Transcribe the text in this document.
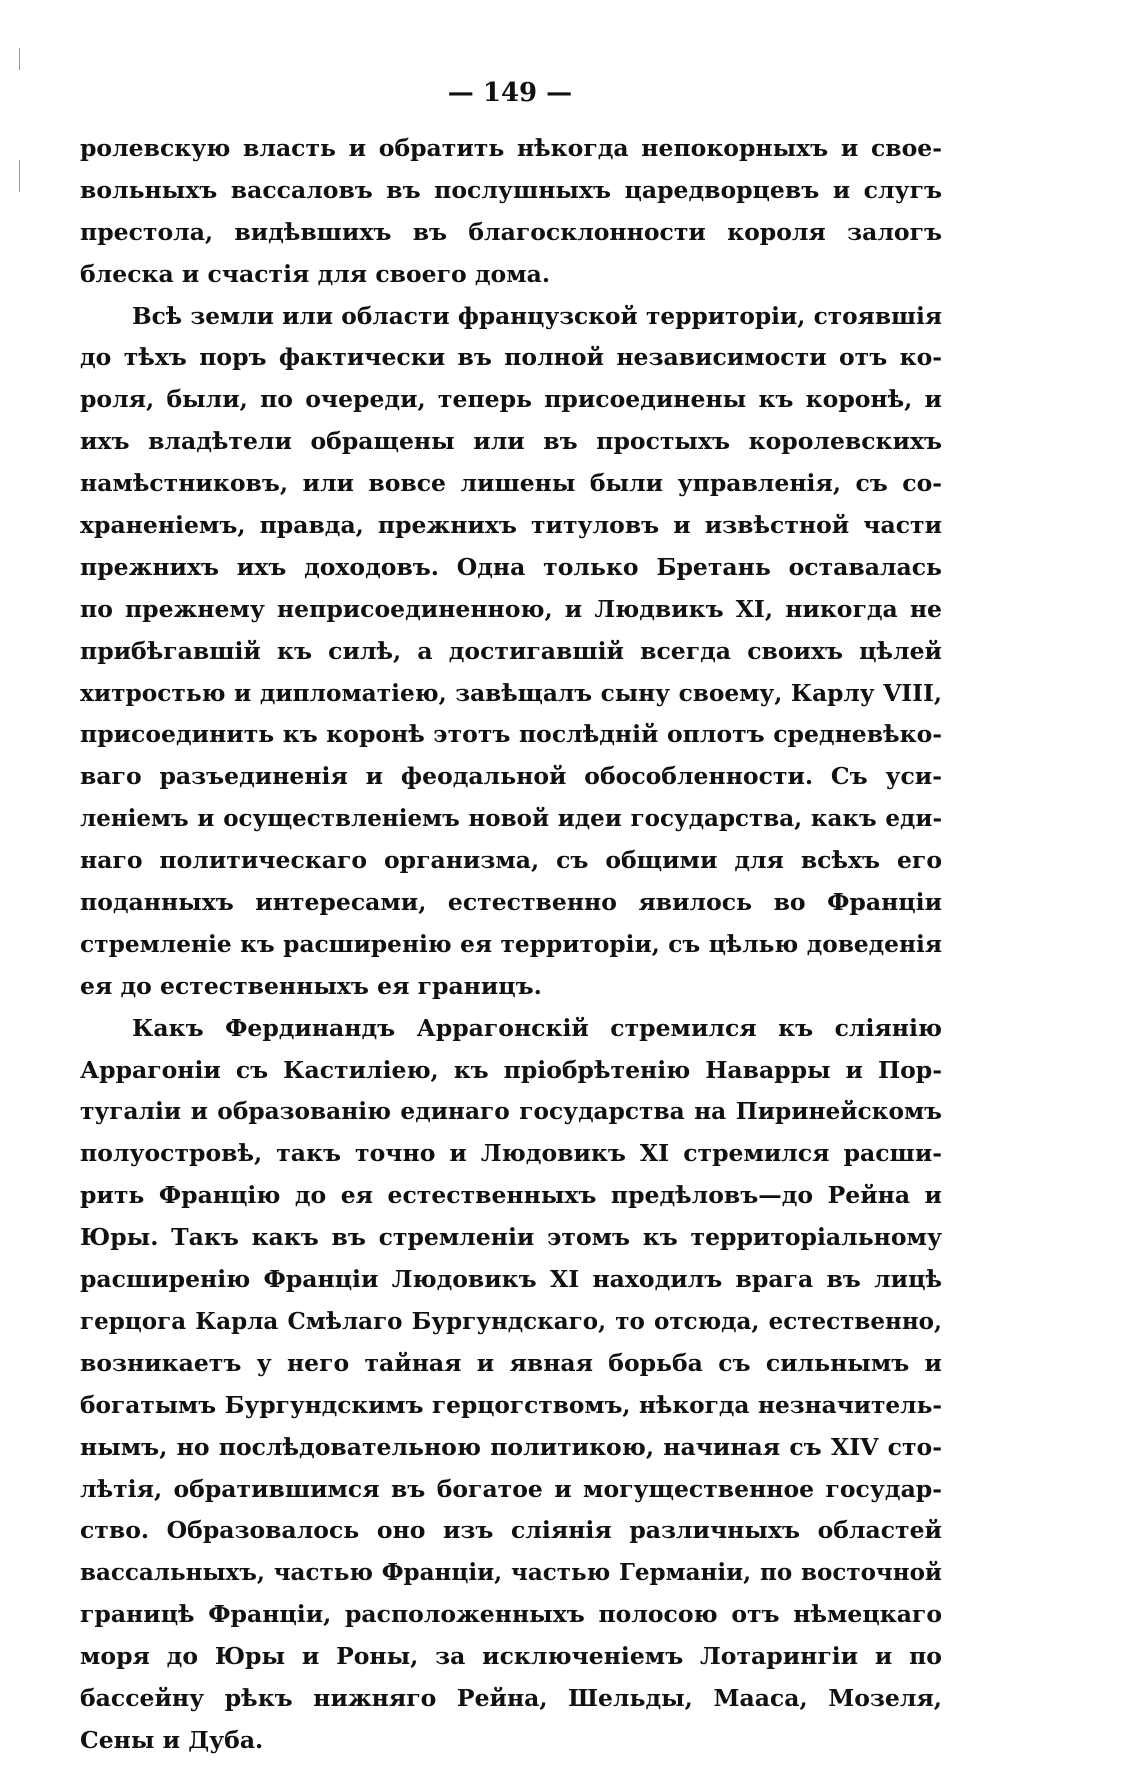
— 149 —
ролевскую власть и обратить нѣкогда непокорныхъ и свое-
вольныхъ вассаловъ въ послушныхъ царедворцевъ и слугъ
престола, видѣвшихъ въ благосклонности короля залогъ
блеска и счастія для своего дома.
Всѣ земли или области французской территоріи, стоявшія
до тѣхъ поръ фактически въ полной независимости отъ ко-
роля, были, по очереди, теперь присоединены къ коронѣ, и
ихъ владѣтели обращены или въ простыхъ королевскихъ
намѣстниковъ, или вовсе лишены были управленія, съ со-
храненіемъ, правда, прежнихъ титуловъ и извѣстной части
прежнихъ ихъ доходовъ. Одна только Бретань оставалась
по прежнему неприсоединенною, и Людвикъ XI, никогда не
прибѣгавшій къ силѣ, а достигавшій всегда своихъ цѣлей
хитростью и дипломатіею, завѣщалъ сыну своему, Карлу VIII,
присоединить къ коронѣ этотъ послѣдній оплотъ средневѣко-
ваго разъединенія и феодальной обособленности. Съ уси-
леніемъ и осуществленіемъ новой идеи государства, какъ еди-
наго политическаго организма, съ общими для всѣхъ его
поданныхъ интересами, естественно явилось во Франціи
стремленіе къ расширенію ея территоріи, съ цѣлью доведенія
ея до естественныхъ ея границъ.
Какъ Фердинандъ Аррагонскій стремился къ сліянію
Аррагоніи съ Кастиліею, къ пріобрѣтенію Наварры и Пор-
тугаліи и образованію единаго государства на Пиринейскомъ
полуостровѣ, такъ точно и Людовикъ XI стремился расши-
рить Францію до ея естественныхъ предѣловъ—до Рейна и
Юры. Такъ какъ въ стремленіи этомъ къ территоріальному
расширенію Франціи Людовикъ XI находилъ врага въ лицѣ
герцога Карла Смѣлаго Бургундскаго, то отсюда, естественно,
возникаетъ у него тайная и явная борьба съ сильнымъ и
богатымъ Бургундскимъ герцогствомъ, нѣкогда незначитель-
нымъ, но послѣдовательною политикою, начиная съ XIV сто-
лѣтія, обратившимся въ богатое и могущественное государ-
ство. Образовалось оно изъ сліянія различныхъ областей
вассальныхъ, частью Франціи, частью Германіи, по восточной
границѣ Франціи, расположенныхъ полосою отъ нѣмецкаго
моря до Юры и Роны, за исключеніемъ Лотарингіи и по
бассейну рѣкъ нижняго Рейна, Шельды, Мааса, Мозеля,
Сены и Дуба.
